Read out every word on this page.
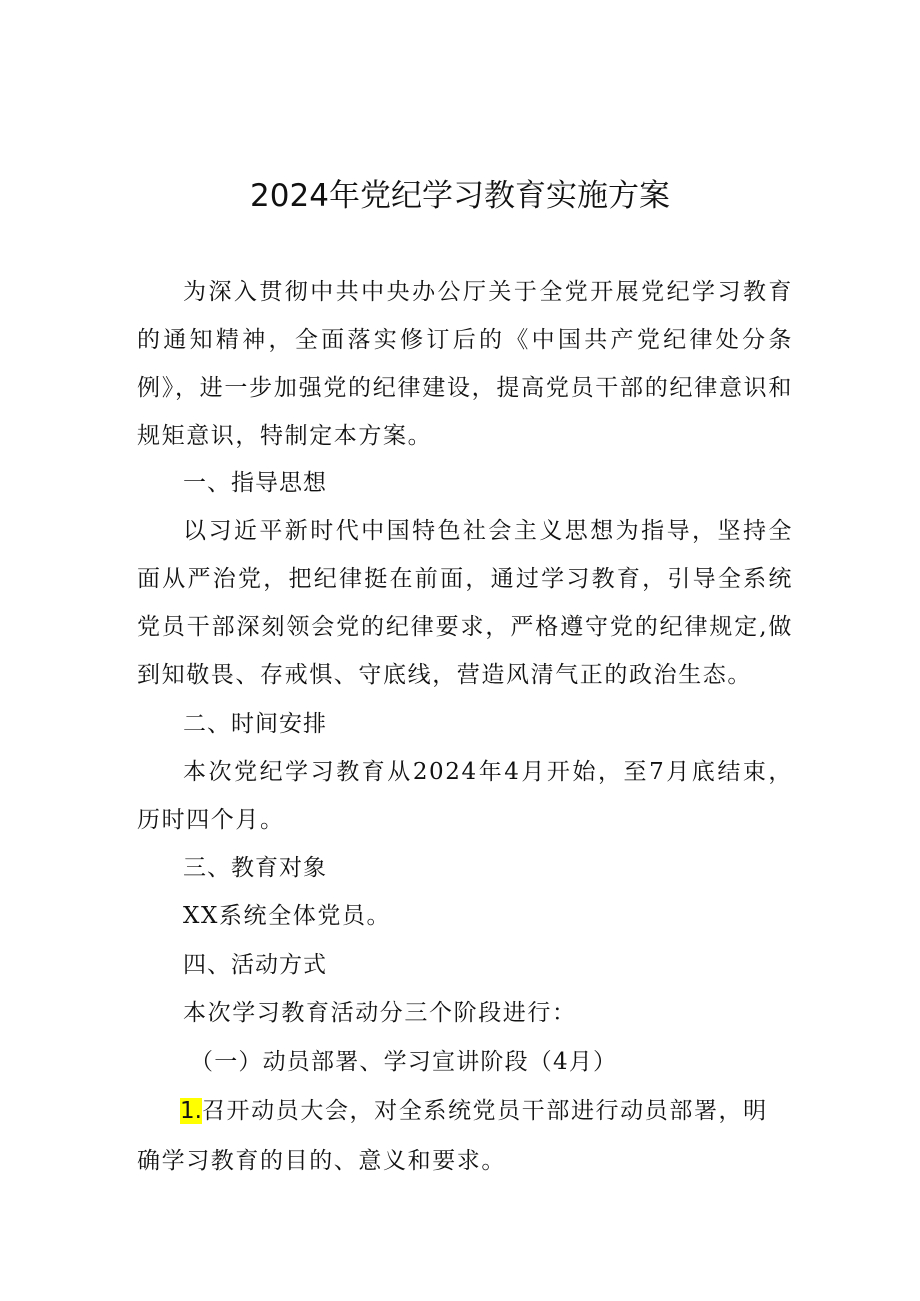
2024年党纪学习教育实施方案
为深入贯彻中共中央办公厅关于全党开展党纪学习教育的通知精神，全面落实修订后的《中国共产党纪律处分条例》，进一步加强党的纪律建设，提高党员干部的纪律意识和规矩意识，特制定本方案。
一、指导思想
以习近平新时代中国特色社会主义思想为指导，坚持全面从严治党，把纪律挺在前面，通过学习教育，引导全系统党员干部深刻领会党的纪律要求，严格遵守党的纪律规定,做到知敬畏、存戒惧、守底线，营造风清气正的政治生态。
二、时间安排
本次党纪学习教育从2024年4月开始，至7月底结束，历时四个月。
三、教育对象
XX系统全体党员。
四、活动方式
本次学习教育活动分三个阶段进行：
（一）动员部署、学习宣讲阶段（4月）
1.召开动员大会，对全系统党员干部进行动员部署，明
确学习教育的目的、意义和要求。
